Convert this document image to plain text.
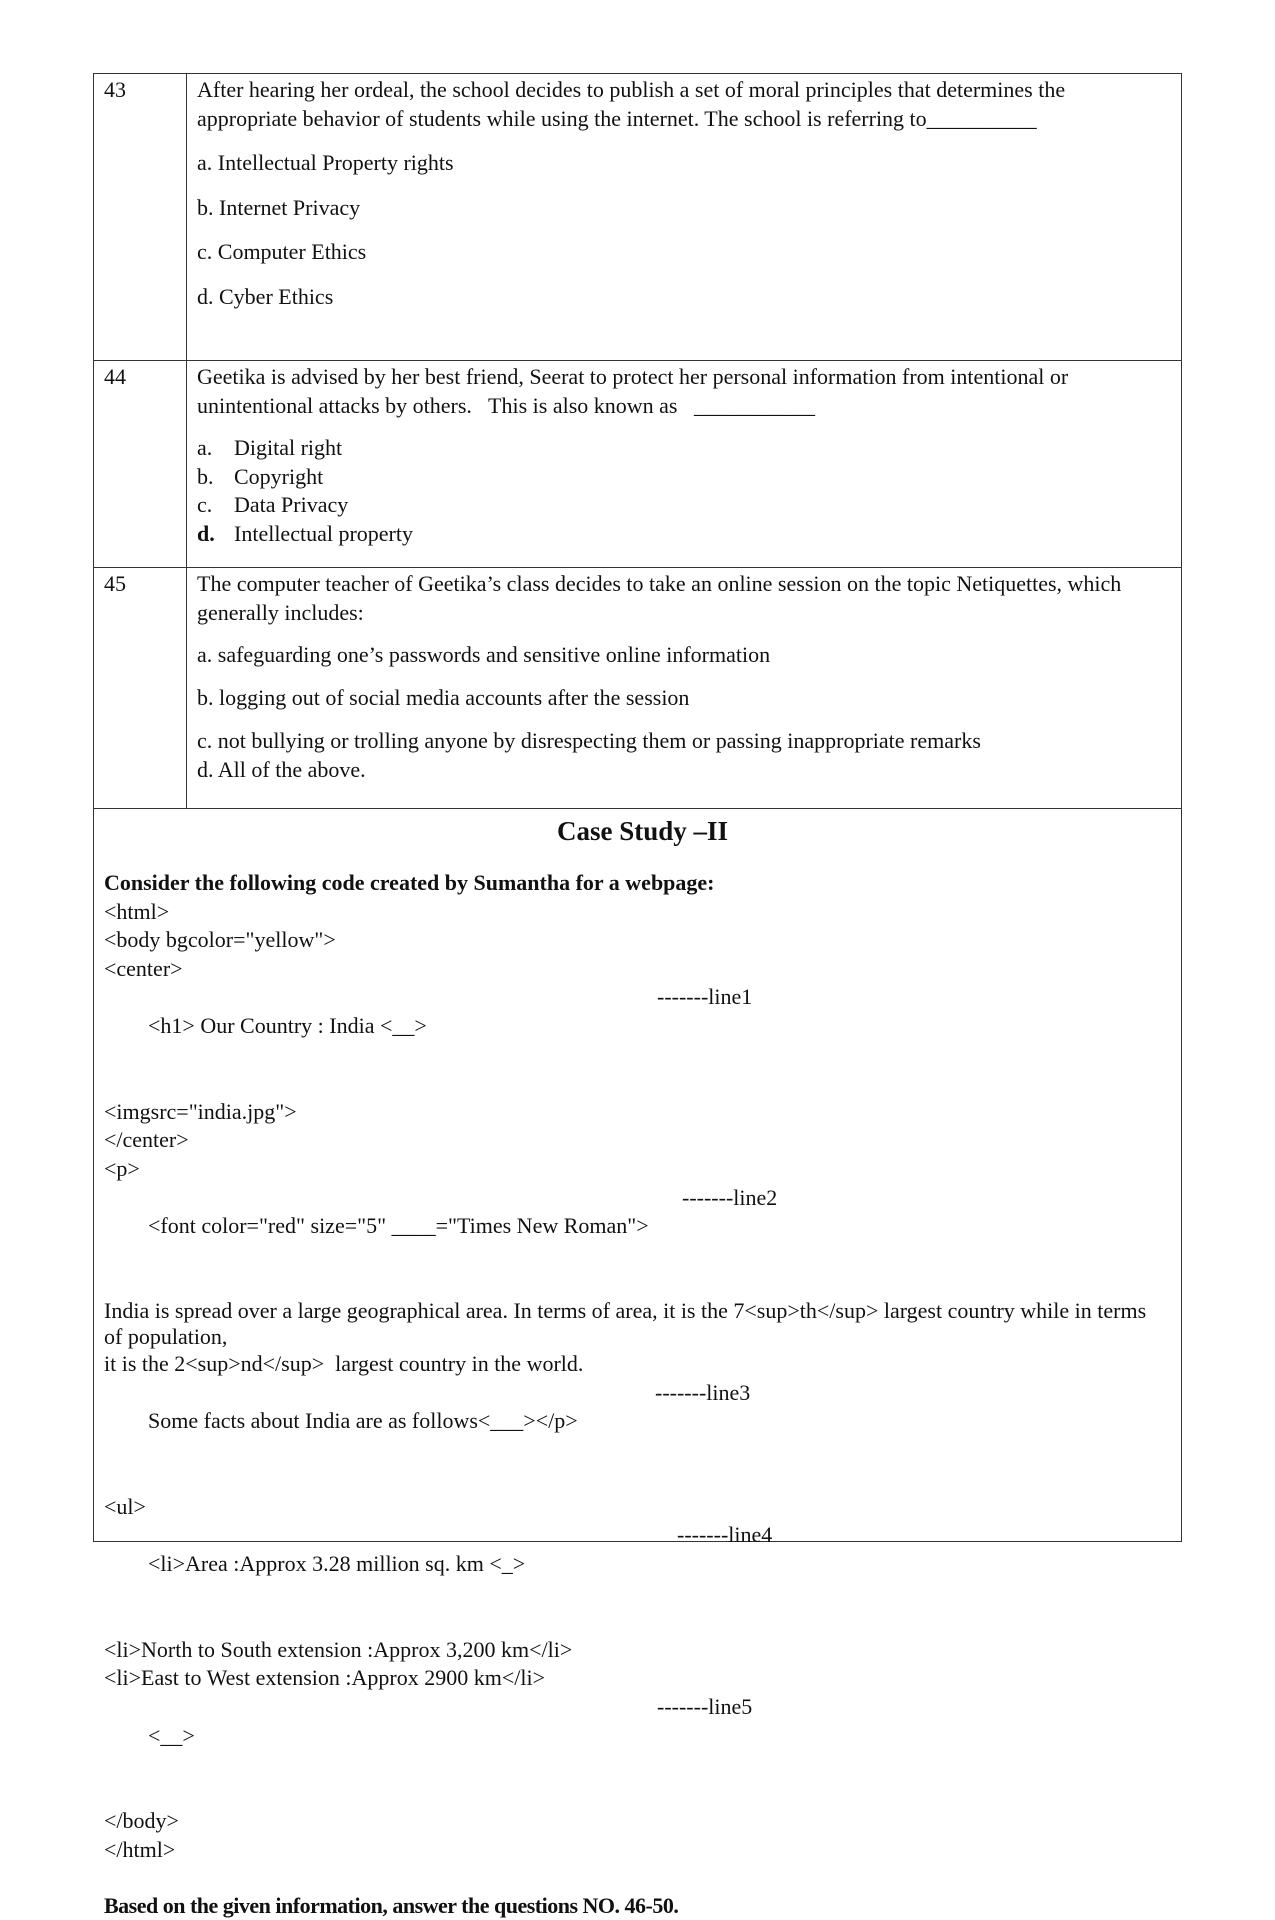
43	After hearing her ordeal, the school decides to publish a set of moral principles that determines the appropriate behavior of students while using the internet. The school is referring to__________

a. Intellectual Property rights

b. Internet Privacy

c. Computer Ethics

d. Cyber Ethics

44	Geetika is advised by her best friend, Seerat to protect her personal information from intentional or unintentional attacks by others.   This is also known as   ___________

a. Digital right
b. Copyright
c. Data Privacy
d. Intellectual property
45	The computer teacher of Geetika’s class decides to take an online session on the topic Netiquettes, which generally includes:

a. safeguarding one’s passwords and sensitive online information

b. logging out of social media accounts after the session

c. not bullying or trolling anyone by disrespecting them or passing inappropriate remarks

d. All of the above.

Case Study –II

Consider the following code created by Sumantha for a webpage:

<html>

<body bgcolor="yellow">

<center>

<h1> Our Country : India <__>

-------line1

<imgsrc="india.jpg">

</center>

<p>

<font color="red" size="5" ____="Times New Roman">

-------line2

India is spread over a large geographical area. In terms of area, it is the 7<sup>th</sup> largest country while in terms of population,

it is the 2<sup>nd</sup>  largest country in the world.

Some facts about India are as follows<___></p>

-------line3

<ul>

<li>Area :Approx 3.28 million sq. km <_>

-------line4

<li>North to South extension :Approx 3,200 km</li>

<li>East to West extension :Approx 2900 km</li>

<__>

-------line5

</body>

</html>

Based on the given information, answer the questions NO. 46-50.
